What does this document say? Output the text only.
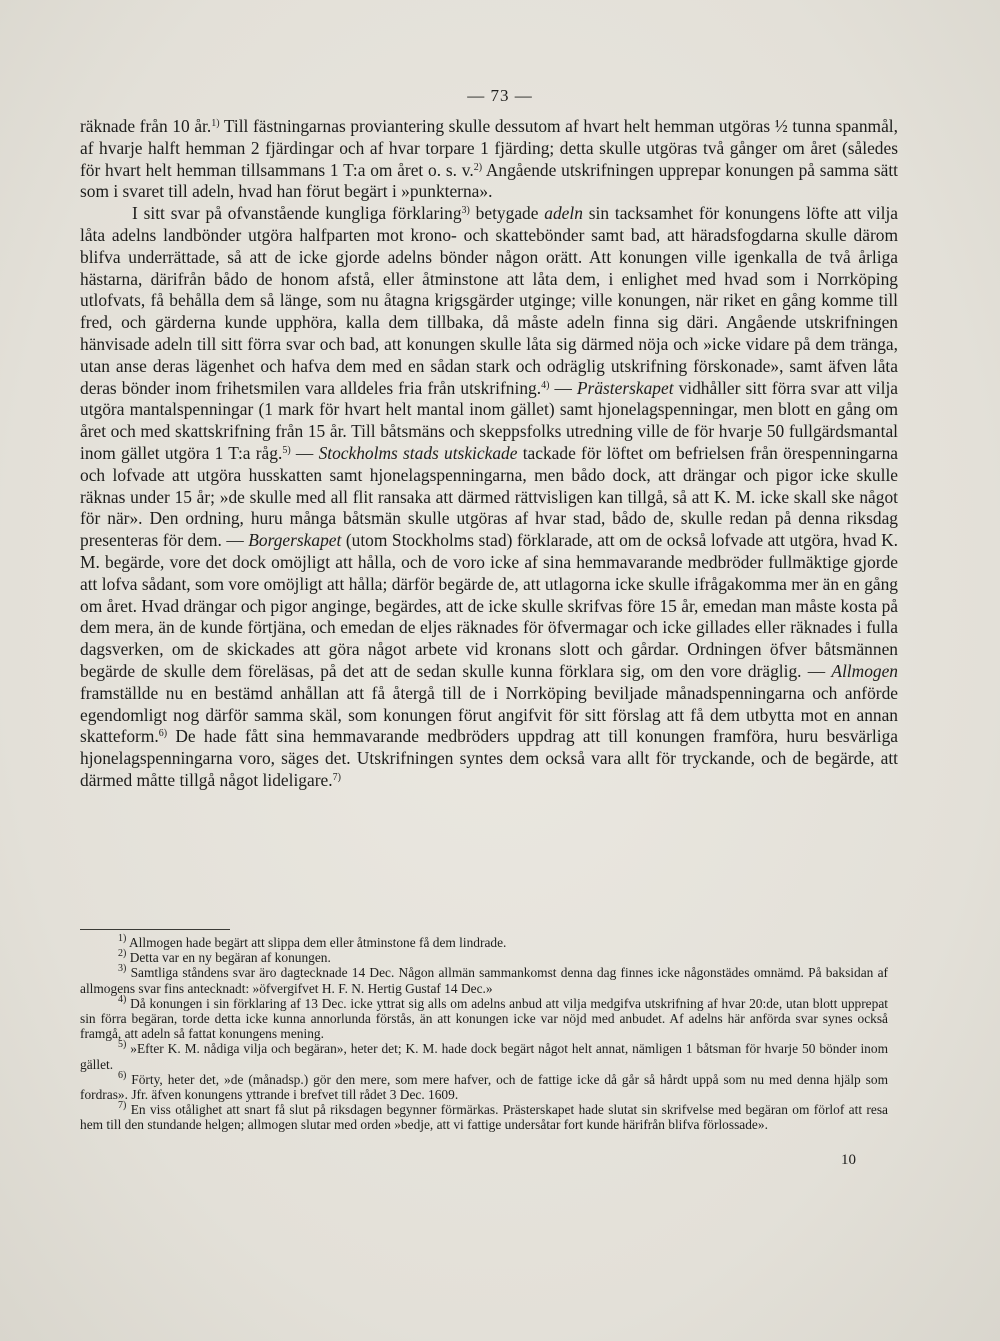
— 73 —

räknade från 10 år.$^{1)}$ Till fästningarnas proviantering skulle dessutom af hvart helt hemman utgöras ½ tunna spanmål, af hvarje halft hemman 2 fjärdingar och af hvar torpare 1 fjärding; detta skulle utgöras två gånger om året (således för hvart helt hemman tillsammans 1 T:a om året o. s. v.$^{2)}$ Angående utskrifningen upprepar konungen på samma sätt som i svaret till adeln, hvad han förut begärt i »punkterna».

I sitt svar på ofvanstående kungliga förklaring$^{3)}$ betygade adeln sin tacksamhet för konungens löfte att vilja låta adelns landbönder utgöra halfparten mot krono- och skattebönder samt bad, att häradsfogdarna skulle därom blifva underrättade, så att de icke gjorde adelns bönder någon orätt. Att konungen ville igenkalla de två årliga hästarna, därifrån bådo de honom afstå, eller åtminstone att låta dem, i enlighet med hvad som i Norrköping utlofvats, få behålla dem så länge, som nu åtagna krigsgärder utginge; ville konungen, när riket en gång komme till fred, och gärderna kunde upphöra, kalla dem tillbaka, då måste adeln finna sig däri. Angående utskrifningen hänvisade adeln till sitt förra svar och bad, att konungen skulle låta sig därmed nöja och »icke vidare på dem tränga, utan anse deras lägenhet och hafva dem med en sådan stark och odräglig utskrifning förskonade», samt äfven låta deras bönder inom frihetsmilen vara alldeles fria från utskrifning.$^{4)}$ — Prästerskapet vidhåller sitt förra svar att vilja utgöra mantalspenningar (1 mark för hvart helt mantal inom gället) samt hjonelagspenningar, men blott en gång om året och med skattskrifning från 15 år. Till båtsmäns och skeppsfolks utredning ville de för hvarje 50 fullgärdsmantal inom gället utgöra 1 T:a råg.$^{5)}$ — Stockholms stads utskickade tackade för löftet om befrielsen från örespenningarna och lofvade att utgöra husskatten samt hjonelagspenningarna, men bådo dock, att drängar och pigor icke skulle räknas under 15 år; »de skulle med all flit ransaka att därmed rättvisligen kan tillgå, så att K. M. icke skall ske något för när». Den ordning, huru många båtsmän skulle utgöras af hvar stad, bådo de, skulle redan på denna riksdag presenteras för dem. — Borgerskapet (utom Stockholms stad) förklarade, att om de också lofvade att utgöra, hvad K. M. begärde, vore det dock omöjligt att hålla, och de voro icke af sina hemmavarande medbröder fullmäktige gjorde att lofva sådant, som vore omöjligt att hålla; därför begärde de, att utlagorna icke skulle ifrågakomma mer än en gång om året. Hvad drängar och pigor anginge, begärdes, att de icke skulle skrifvas före 15 år, emedan man måste kosta på dem mera, än de kunde förtjäna, och emedan de eljes räknades för öfvermagar och icke gillades eller räknades i fulla dagsverken, om de skickades att göra något arbete vid kronans slott och gårdar. Ordningen öfver båtsmännen begärde de skulle dem föreläsas, på det att de sedan skulle kunna förklara sig, om den vore dräglig. — Allmogen framställde nu en bestämd anhållan att få återgå till de i Norrköping beviljade månadspenningarna och anförde egendomligt nog därför samma skäl, som konungen förut angifvit för sitt förslag att få dem utbytta mot en annan skatteform.$^{6)}$ De hade fått sina hemmavarande medbröders uppdrag att till konungen framföra, huru besvärliga hjonelagspenningarna voro, säges det. Utskrifningen syntes dem också vara allt för tryckande, och de begärde, att därmed måtte tillgå något lideligare.$^{7)}$

$^{1)}$ Allmogen hade begärt att slippa dem eller åtminstone få dem lindrade.

$^{2)}$ Detta var en ny begäran af konungen.

$^{3)}$ Samtliga ståndens svar äro dagtecknade 14 Dec. Någon allmän sammankomst denna dag finnes icke någonstädes omnämd. På baksidan af allmogens svar fins antecknadt: »öfvergifvet H. F. N. Hertig Gustaf 14 Dec.»

$^{4)}$ Då konungen i sin förklaring af 13 Dec. icke yttrat sig alls om adelns anbud att vilja medgifva utskrifning af hvar 20:de, utan blott upprepat sin förra begäran, torde detta icke kunna annorlunda förstås, än att konungen icke var nöjd med anbudet. Af adelns här anförda svar synes också framgå, att adeln så fattat konungens mening.

$^{5)}$ »Efter K. M. nådiga vilja och begäran», heter det; K. M. hade dock begärt något helt annat, nämligen 1 båtsman för hvarje 50 bönder inom gället.

$^{6)}$ Förty, heter det, »de (månadsp.) gör den mere, som mere hafver, och de fattige icke då går så hårdt uppå som nu med denna hjälp som fordras». Jfr. äfven konungens yttrande i brefvet till rådet 3 Dec. 1609.

$^{7)}$ En viss otålighet att snart få slut på riksdagen begynner förmärkas. Prästerskapet hade slutat sin skrifvelse med begäran om förlof att resa hem till den stundande helgen; allmogen slutar med orden »bedje, att vi fattige undersåtar fort kunde härifrån blifva förlossade».

10
